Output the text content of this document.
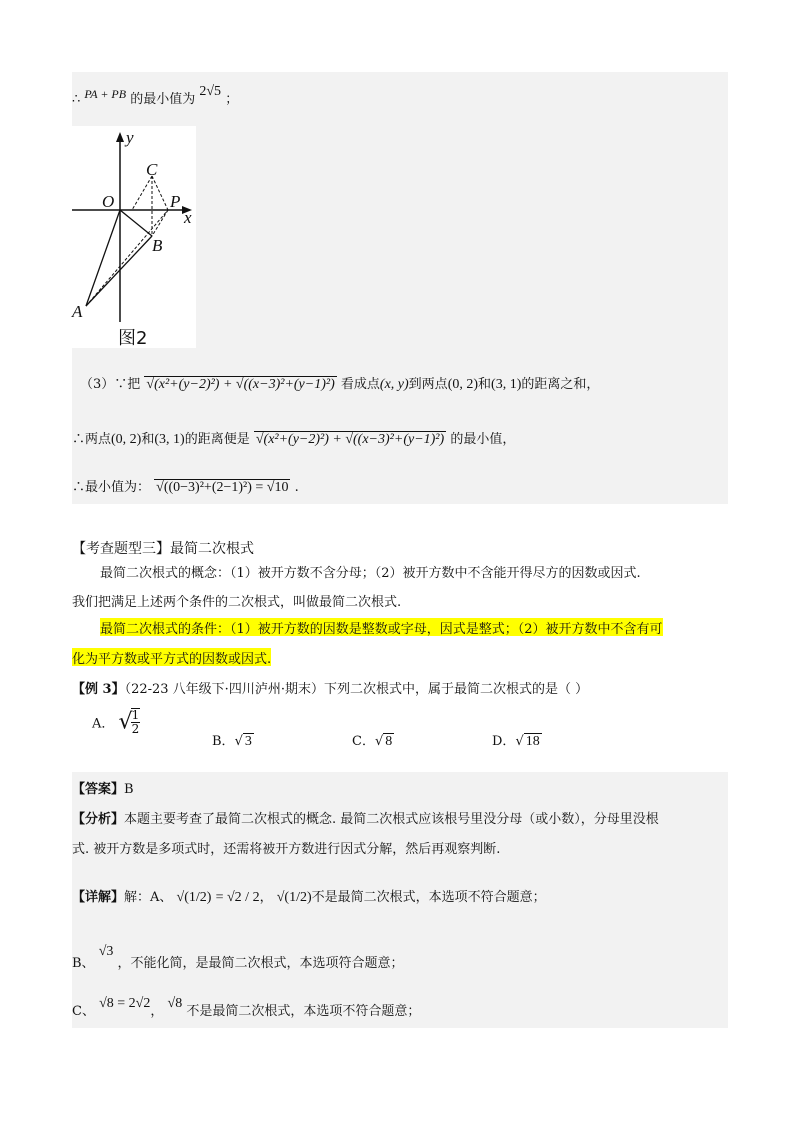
∴ PA + PB 的最小值为 2√5 ；
y
O
C
P
x
B
A
图2
（3）∵把 √(x²+(y−2)²) + √((x−3)²+(y−1)²) 看成点(x, y)到两点(0, 2)和(3, 1)的距离之和，
∴两点(0, 2)和(3, 1)的距离便是 √(x²+(y−2)²) + √((x−3)²+(y−1)²) 的最小值，
∴最小值为： √((0−3)²+(2−1)²) = √10 .
【考查题型三】最简二次根式
最简二次根式的概念：（1）被开方数不含分母；（2）被开方数中不含能开得尽方的因数或因式.
我们把满足上述两个条件的二次根式，叫做最简二次根式.
最简二次根式的条件：（1）被开方数的因数是整数或字母，因式是整式；（2）被开方数中不含有可
化为平方数或平方式的因数或因式.
【例 3】（22-23 八年级下·四川泸州·期末）下列二次根式中，属于最简二次根式的是（ ）
A． √
$\frac{1}{2}$
B．√ 3	C．√ 8	D．√ 18
【答案】B
【分析】本题主要考查了最简二次根式的概念. 最简二次根式应该根号里没分母（或小数），分母里没根
式. 被开方数是多项式时，还需将被开方数进行因式分解，然后再观察判断.
【详解】解：A、 √(1/2) = √2 / 2， √(1/2)不是最简二次根式，本选项不符合题意；
B、 √3 ，不能化简，是最简二次根式，本选项符合题意；
C、 √8 = 2√2， √8 不是最简二次根式，本选项不符合题意；
